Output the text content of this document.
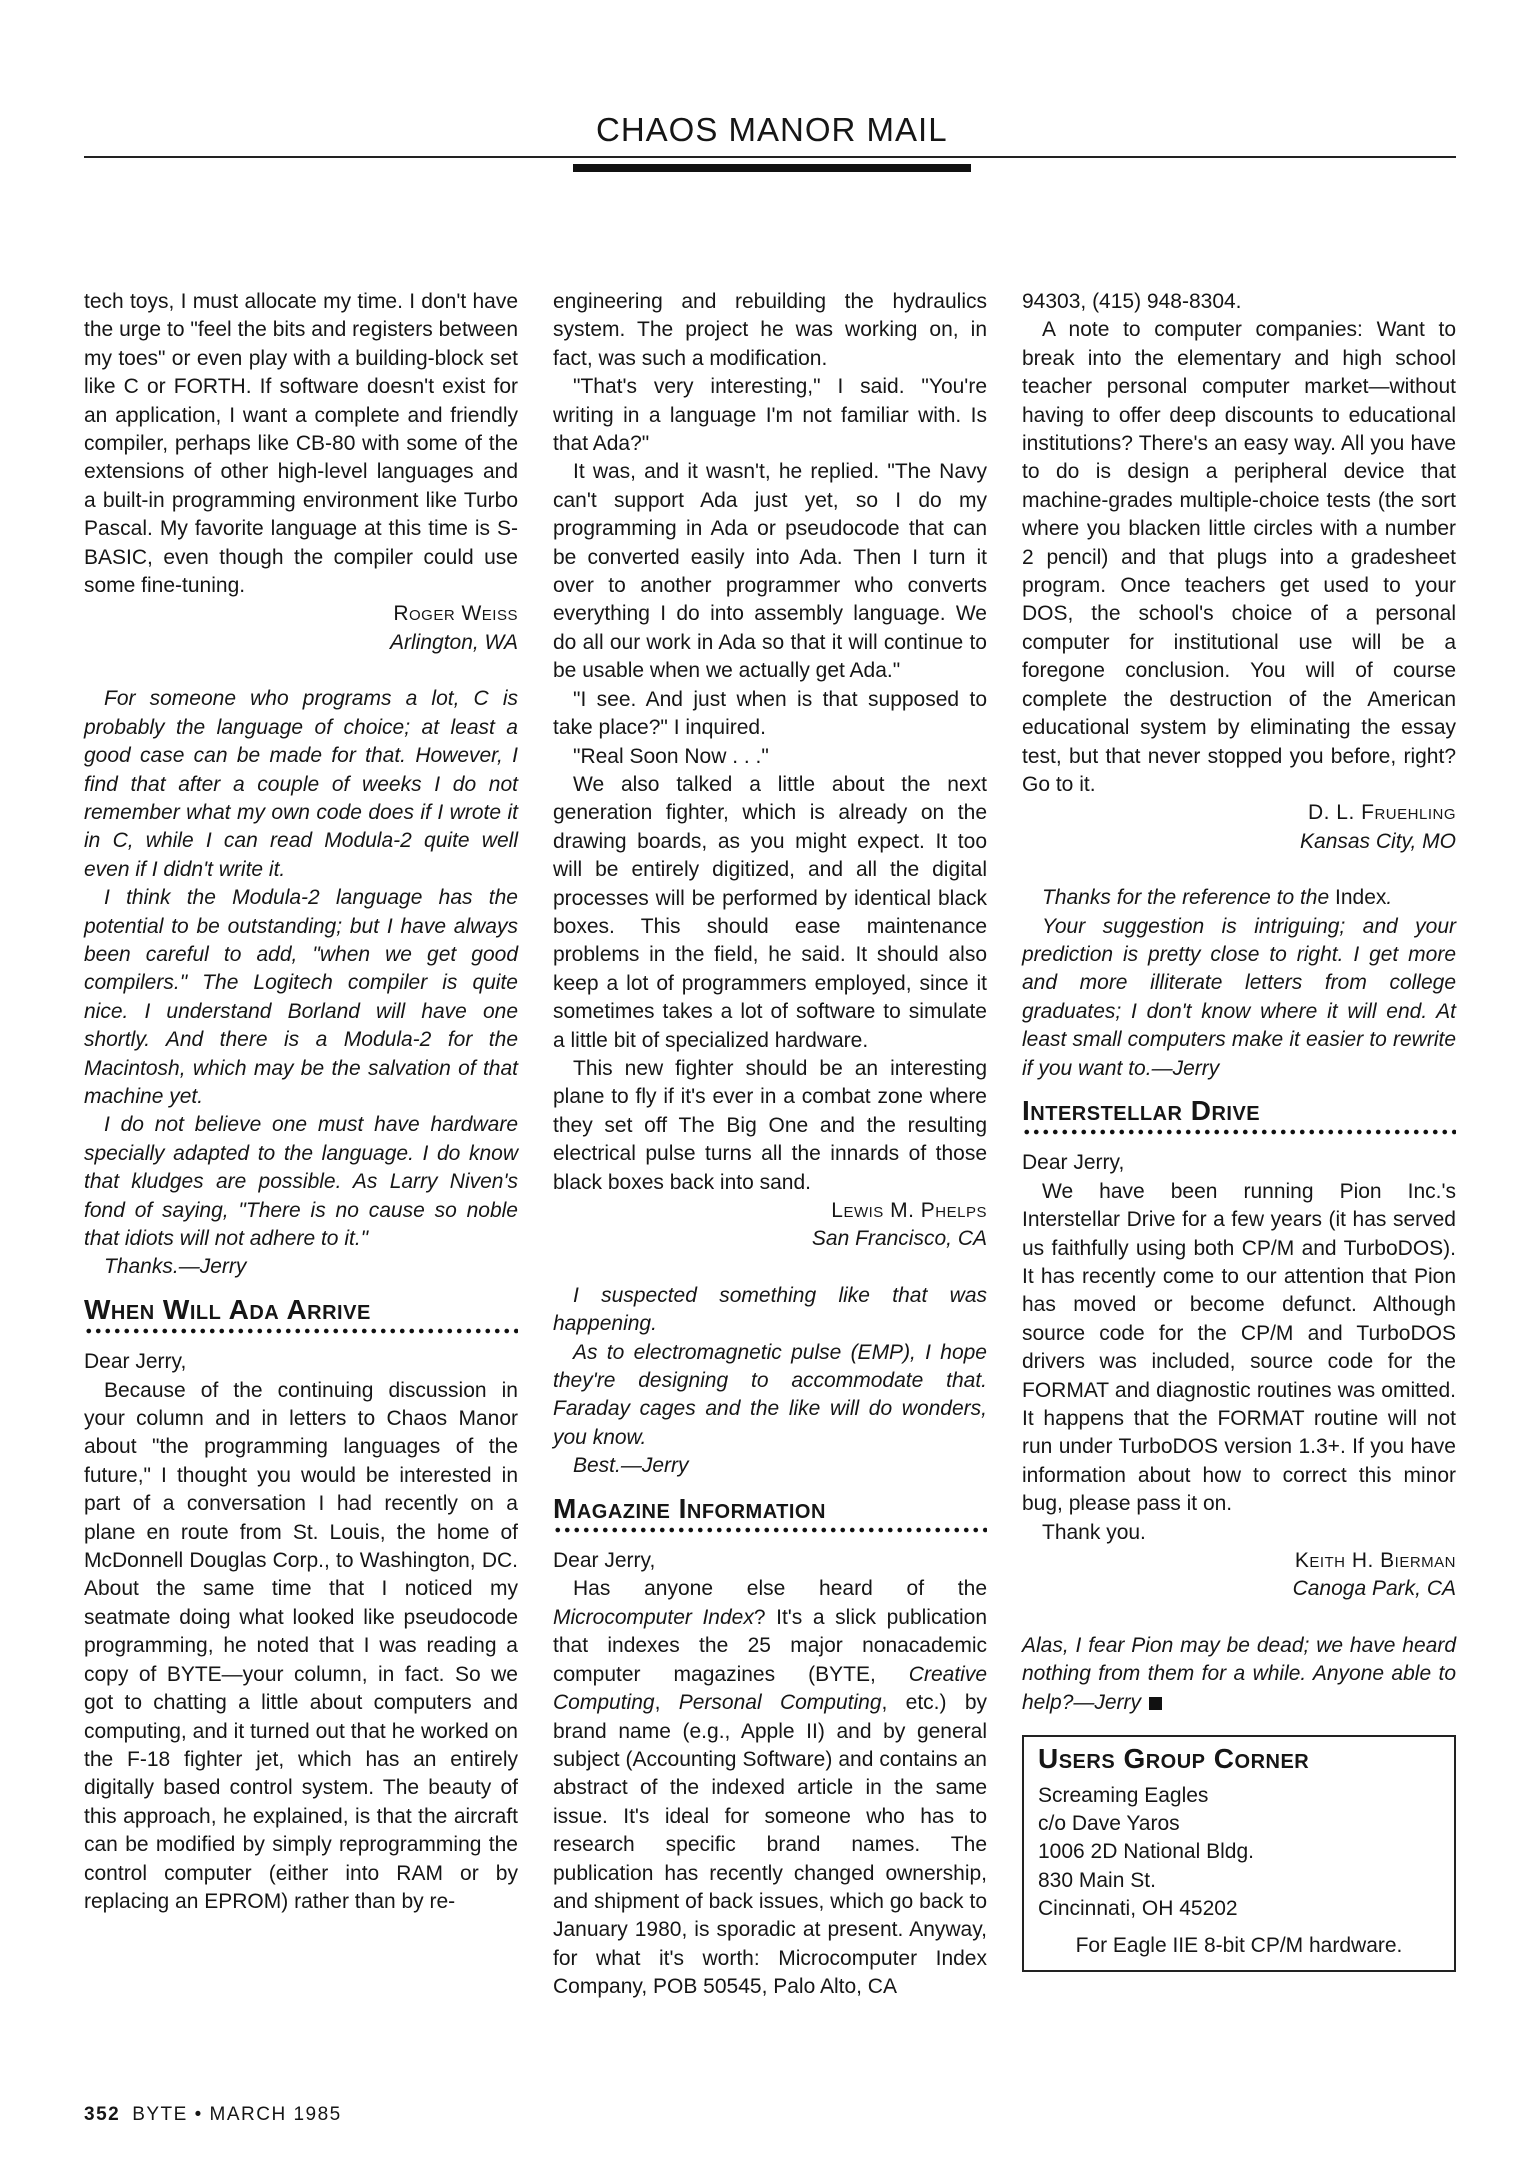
CHAOS MANOR MAIL

tech toys, I must allocate my time. I don't have the urge to "feel the bits and registers between my toes" or even play with a building-block set like C or FORTH. If software doesn't exist for an application, I want a complete and friendly compiler, perhaps like CB-80 with some of the extensions of other high-level languages and a built-in programming environment like Turbo Pascal. My favorite language at this time is S-BASIC, even though the compiler could use some fine-tuning.

Roger Weiss

Arlington, WA

For someone who programs a lot, C is probably the language of choice; at least a good case can be made for that. However, I find that after a couple of weeks I do not remember what my own code does if I wrote it in C, while I can read Modula-2 quite well even if I didn't write it.

I think the Modula-2 language has the potential to be outstanding; but I have always been careful to add, "when we get good compilers." The Logitech compiler is quite nice. I understand Borland will have one shortly. And there is a Modula-2 for the Macintosh, which may be the salvation of that machine yet.

I do not believe one must have hardware specially adapted to the language. I do know that kludges are possible. As Larry Niven's fond of saying, "There is no cause so noble that idiots will not adhere to it."

Thanks.—Jerry

When Will Ada Arrive

Dear Jerry,

Because of the continuing discussion in your column and in letters to Chaos Manor about "the programming languages of the future," I thought you would be interested in part of a conversation I had recently on a plane en route from St. Louis, the home of McDonnell Douglas Corp., to Washington, DC. About the same time that I noticed my seatmate doing what looked like pseudocode programming, he noted that I was reading a copy of BYTE—your column, in fact. So we got to chatting a little about computers and computing, and it turned out that he worked on the F-18 fighter jet, which has an entirely digitally based control system. The beauty of this approach, he explained, is that the aircraft can be modified by simply reprogramming the control computer (either into RAM or by replacing an EPROM) rather than by re-

engineering and rebuilding the hydraulics system. The project he was working on, in fact, was such a modification.

"That's very interesting," I said. "You're writing in a language I'm not familiar with. Is that Ada?"

It was, and it wasn't, he replied. "The Navy can't support Ada just yet, so I do my programming in Ada or pseudocode that can be converted easily into Ada. Then I turn it over to another programmer who converts everything I do into assembly language. We do all our work in Ada so that it will continue to be usable when we actually get Ada."

"I see. And just when is that supposed to take place?" I inquired.

"Real Soon Now . . ."

We also talked a little about the next generation fighter, which is already on the drawing boards, as you might expect. It too will be entirely digitized, and all the digital processes will be performed by identical black boxes. This should ease maintenance problems in the field, he said. It should also keep a lot of programmers employed, since it sometimes takes a lot of software to simulate a little bit of specialized hardware.

This new fighter should be an interesting plane to fly if it's ever in a combat zone where they set off The Big One and the resulting electrical pulse turns all the innards of those black boxes back into sand.

Lewis M. Phelps

San Francisco, CA

I suspected something like that was happening.

As to electromagnetic pulse (EMP), I hope they're designing to accommodate that. Faraday cages and the like will do wonders, you know.

Best.—Jerry

Magazine Information

Dear Jerry,

Has anyone else heard of the Microcomputer Index? It's a slick publication that indexes the 25 major nonacademic computer magazines (BYTE, Creative Computing, Personal Computing, etc.) by brand name (e.g., Apple II) and by general subject (Accounting Software) and contains an abstract of the indexed article in the same issue. It's ideal for someone who has to research specific brand names. The publication has recently changed ownership, and shipment of back issues, which go back to January 1980, is sporadic at present. Anyway, for what it's worth: Microcomputer Index Company, POB 50545, Palo Alto, CA

94303, (415) 948-8304.

A note to computer companies: Want to break into the elementary and high school teacher personal computer market—without having to offer deep discounts to educational institutions? There's an easy way. All you have to do is design a peripheral device that machine-grades multiple-choice tests (the sort where you blacken little circles with a number 2 pencil) and that plugs into a gradesheet program. Once teachers get used to your DOS, the school's choice of a personal computer for institutional use will be a foregone conclusion. You will of course complete the destruction of the American educational system by eliminating the essay test, but that never stopped you before, right? Go to it.

D. L. Fruehling

Kansas City, MO

Thanks for the reference to the Index.

Your suggestion is intriguing; and your prediction is pretty close to right. I get more and more illiterate letters from college graduates; I don't know where it will end. At least small computers make it easier to rewrite if you want to.—Jerry

Interstellar Drive

Dear Jerry,

We have been running Pion Inc.'s Interstellar Drive for a few years (it has served us faithfully using both CP/M and TurboDOS). It has recently come to our attention that Pion has moved or become defunct. Although source code for the CP/M and TurboDOS drivers was included, source code for the FORMAT and diagnostic routines was omitted. It happens that the FORMAT routine will not run under TurboDOS version 1.3+. If you have information about how to correct this minor bug, please pass it on.

Thank you.

Keith H. Bierman

Canoga Park, CA

Alas, I fear Pion may be dead; we have heard nothing from them for a while. Anyone able to help?—Jerry

Users Group Corner

Screaming Eagles

c/o Dave Yaros

1006 2D National Bldg.

830 Main St.

Cincinnati, OH 45202

For Eagle IIE 8-bit CP/M hardware.

352 BYTE • MARCH 1985
